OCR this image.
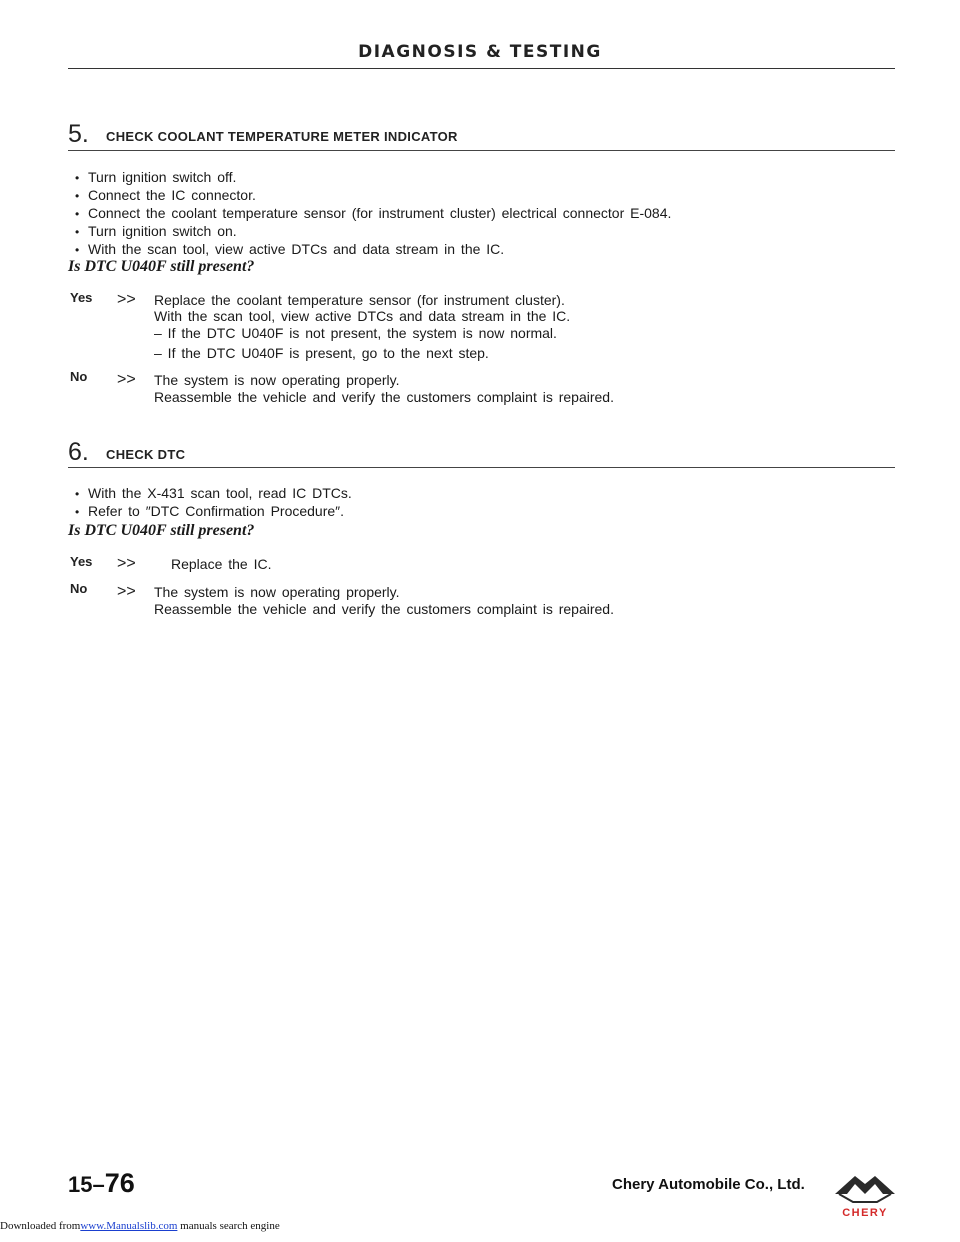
DIAGNOSIS & TESTING
5. CHECK COOLANT TEMPERATURE METER INDICATOR
• Turn ignition switch off.
• Connect the IC connector.
• Connect the coolant temperature sensor (for instrument cluster) electrical connector E-084.
• Turn ignition switch on.
• With the scan tool, view active DTCs and data stream in the IC.
Is DTC U040F still present?
Yes >> Replace the coolant temperature sensor (for instrument cluster).
With the scan tool, view active DTCs and data stream in the IC.
– If the DTC U040F is not present, the system is now normal.
– If the DTC U040F is present, go to the next step.
No >> The system is now operating properly.
Reassemble the vehicle and verify the customers complaint is repaired.
6. CHECK DTC
• With the X-431 scan tool, read IC DTCs.
• Refer to ″DTC Confirmation Procedure″.
Is DTC U040F still present?
Yes >>	Replace the IC.
No >> The system is now operating properly.
Reassemble the vehicle and verify the customers complaint is repaired.
15–76	Chery Automobile Co., Ltd.
CHERY
Downloaded fromwww.Manualslib.com manuals search engine
